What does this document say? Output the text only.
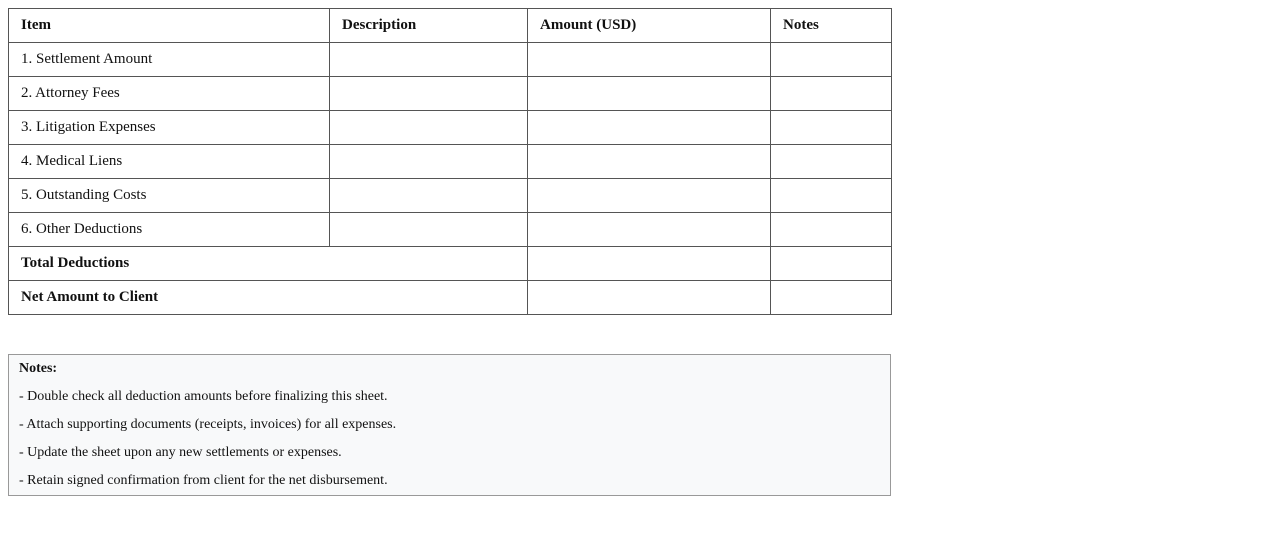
Item	Description	Amount (USD)	Notes
1. Settlement Amount			
2. Attorney Fees			
3. Litigation Expenses			
4. Medical Liens			
5. Outstanding Costs			
6. Other Deductions			
Total Deductions			
Net Amount to Client			
Notes:
- Double check all deduction amounts before finalizing this sheet.
- Attach supporting documents (receipts, invoices) for all expenses.
- Update the sheet upon any new settlements or expenses.
- Retain signed confirmation from client for the net disbursement.
